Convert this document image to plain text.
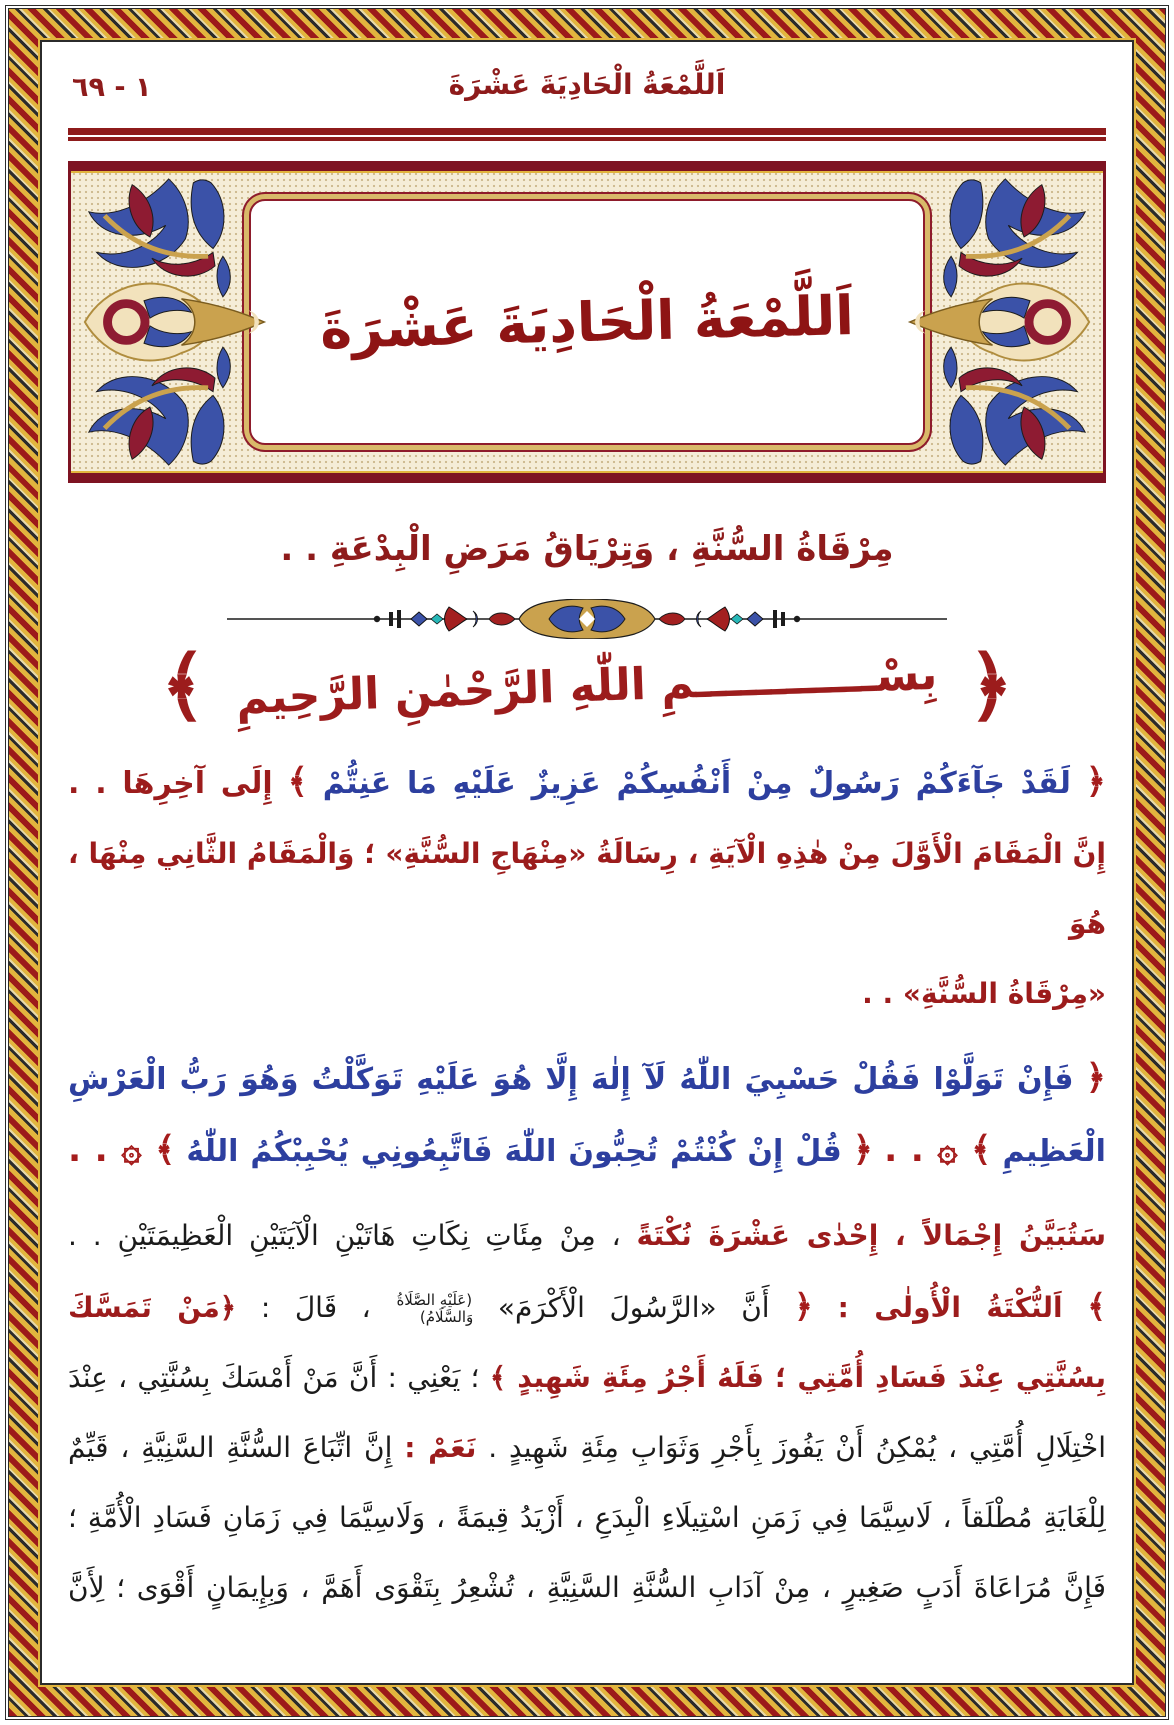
١ - ٦٩	اَللَّمْعَةُ الْحَادِيَةَ عَشْرَةَ
اَللَّمْعَةُ الْحَادِيَةَ عَشْرَةَ
مِرْقَاةُ السُّنَّةِ ، وَتِرْيَاقُ مَرَضِ الْبِدْعَةِ . .
﴿
بِسْــــــــــــمِ اللّٰهِ الرَّحْمٰنِ الرَّحِيمِ
﴾
﴿ لَقَدْ جَآءَكُمْ رَسُولٌ مِنْ أَنْفُسِكُمْ عَزِيزٌ عَلَيْهِ مَا عَنِتُّمْ ﴾ إِلَى آخِرِهَا . .
إِنَّ الْمَقَامَ الْأَوَّلَ مِنْ هٰذِهِ الْآيَةِ ، رِسَالَةُ «مِنْهَاجِ السُّنَّةِ» ؛ وَالْمَقَامُ الثَّانِي مِنْهَا ، هُوَ
«مِرْقَاةُ السُّنَّةِ» . .
﴿ فَإِنْ تَوَلَّوْا فَقُلْ حَسْبِيَ اللّٰهُ لَآ إِلٰهَ إِلَّا هُوَ عَلَيْهِ تَوَكَّلْتُ وَهُوَ رَبُّ الْعَرْشِ
الْعَظِيمِ ﴾ ۞ . . ﴿ قُلْ إِنْ كُنْتُمْ تُحِبُّونَ اللّٰهَ فَاتَّبِعُونِي يُحْبِبْكُمُ اللّٰهُ ﴾ ۞ . .
سَتُبَيَّنُ إِجْمَالاً ، إِحْدٰى عَشْرَةَ نُكْتَةً ، مِنْ مِئَاتِ نِكَاتِ هَاتَيْنِ الْآيَتَيْنِ الْعَظِيمَتَيْنِ . .
﴾ اَلنُّكْتَةُ الْأُولٰى : ﴿ أَنَّ «الرَّسُولَ الْأَكْرَمَ» (عَلَيْهِ الصَّلَاةُ وَالسَّلَامُ) ، قَالَ : ﴿مَنْ تَمَسَّكَ
بِسُنَّتِي عِنْدَ فَسَادِ أُمَّتِي ؛ فَلَهُ أَجْرُ مِئَةِ شَهِيدٍ ﴾ ؛ يَعْنِي : أَنَّ مَنْ أَمْسَكَ بِسُنَّتِي ، عِنْدَ
اخْتِلَالِ أُمَّتِي ، يُمْكِنُ أَنْ يَفُوزَ بِأَجْرِ وَثَوَابِ مِئَةِ شَهِيدٍ . نَعَمْ : إِنَّ اتِّبَاعَ السُّنَّةِ السَّنِيَّةِ ، قَيِّمٌ
لِلْغَايَةِ مُطْلَقاً ، لَاسِيَّمَا فِي زَمَنِ اسْتِيلَاءِ الْبِدَعِ ، أَزْيَدُ قِيمَةً ، وَلَاسِيَّمَا فِي زَمَانِ فَسَادِ الْأُمَّةِ ؛
فَإِنَّ مُرَاعَاةَ أَدَبٍ صَغِيرٍ ، مِنْ آدَابِ السُّنَّةِ السَّنِيَّةِ ، تُشْعِرُ بِتَقْوَى أَهَمَّ ، وَبِإِيمَانٍ أَقْوَى ؛ لِأَنَّ
